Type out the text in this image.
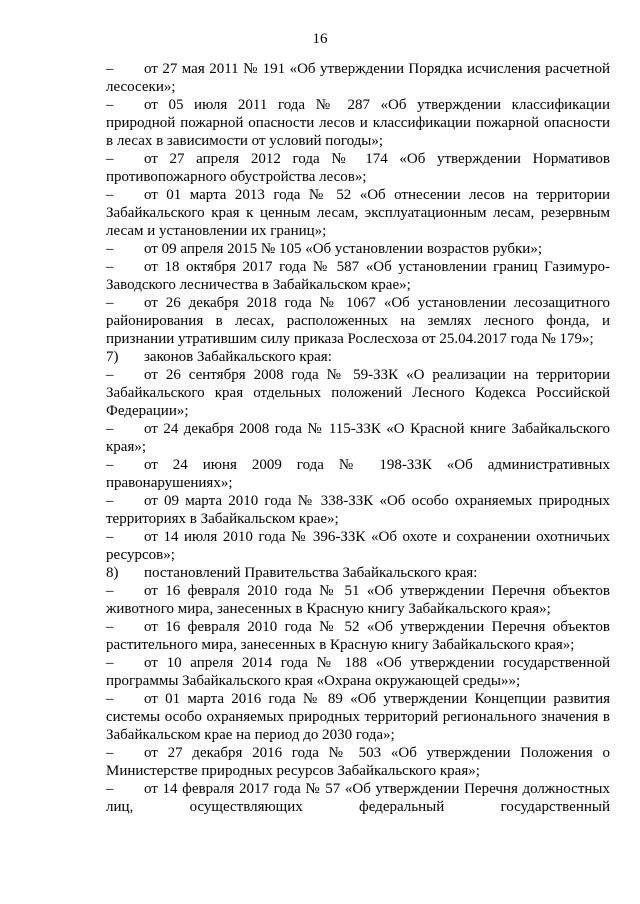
16

– от 27 мая 2011 № 191 «Об утверждении Порядка исчисления расчетной лесосеки»;

– от 05 июля 2011 года № 287 «Об утверждении классификации природной пожарной опасности лесов и классификации пожарной опасности в лесах в зависимости от условий погоды»;

– от 27 апреля 2012 года № 174 «Об утверждении Нормативов противопожарного обустройства лесов»;

– от 01 марта 2013 года № 52 «Об отнесении лесов на территории Забайкальского края к ценным лесам, эксплуатационным лесам, резервным лесам и установлении их границ»;

– от 09 апреля 2015 № 105 «Об установлении возрастов рубки»;

– от 18 октября 2017 года № 587 «Об установлении границ Газимуро-Заводского лесничества в Забайкальском крае»;

– от 26 декабря 2018 года № 1067 «Об установлении лесозащитного районирования в лесах, расположенных на землях лесного фонда, и признании утратившим силу приказа Рослесхоза от 25.04.2017 года № 179»;

7) законов Забайкальского края:

– от 26 сентября 2008 года № 59-ЗЗК «О реализации на территории Забайкальского края отдельных положений Лесного Кодекса Российской Федерации»;

– от 24 декабря 2008 года № 115-ЗЗК «О Красной книге Забайкальского края»;

– от 24 июня 2009 года № 198-ЗЗК «Об административных правонарушениях»;

– от 09 марта 2010 года № 338-ЗЗК «Об особо охраняемых природных территориях в Забайкальском крае»;

– от 14 июля 2010 года № 396-ЗЗК «Об охоте и сохранении охотничьих ресурсов»;

8) постановлений Правительства Забайкальского края:

– от 16 февраля 2010 года № 51 «Об утверждении Перечня объектов животного мира, занесенных в Красную книгу Забайкальского края»;

– от 16 февраля 2010 года № 52 «Об утверждении Перечня объектов растительного мира, занесенных в Красную книгу Забайкальского края»;

– от 10 апреля 2014 года № 188 «Об утверждении государственной программы Забайкальского края «Охрана окружающей среды»»;

– от 01 марта 2016 года № 89 «Об утверждении Концепции развития системы особо охраняемых природных территорий регионального значения в Забайкальском крае на период до 2030 года»;

– от 27 декабря 2016 года № 503 «Об утверждении Положения о Министерстве природных ресурсов Забайкальского края»;

– от 14 февраля 2017 года № 57 «Об утверждении Перечня должностных лиц, осуществляющих федеральный государственный
